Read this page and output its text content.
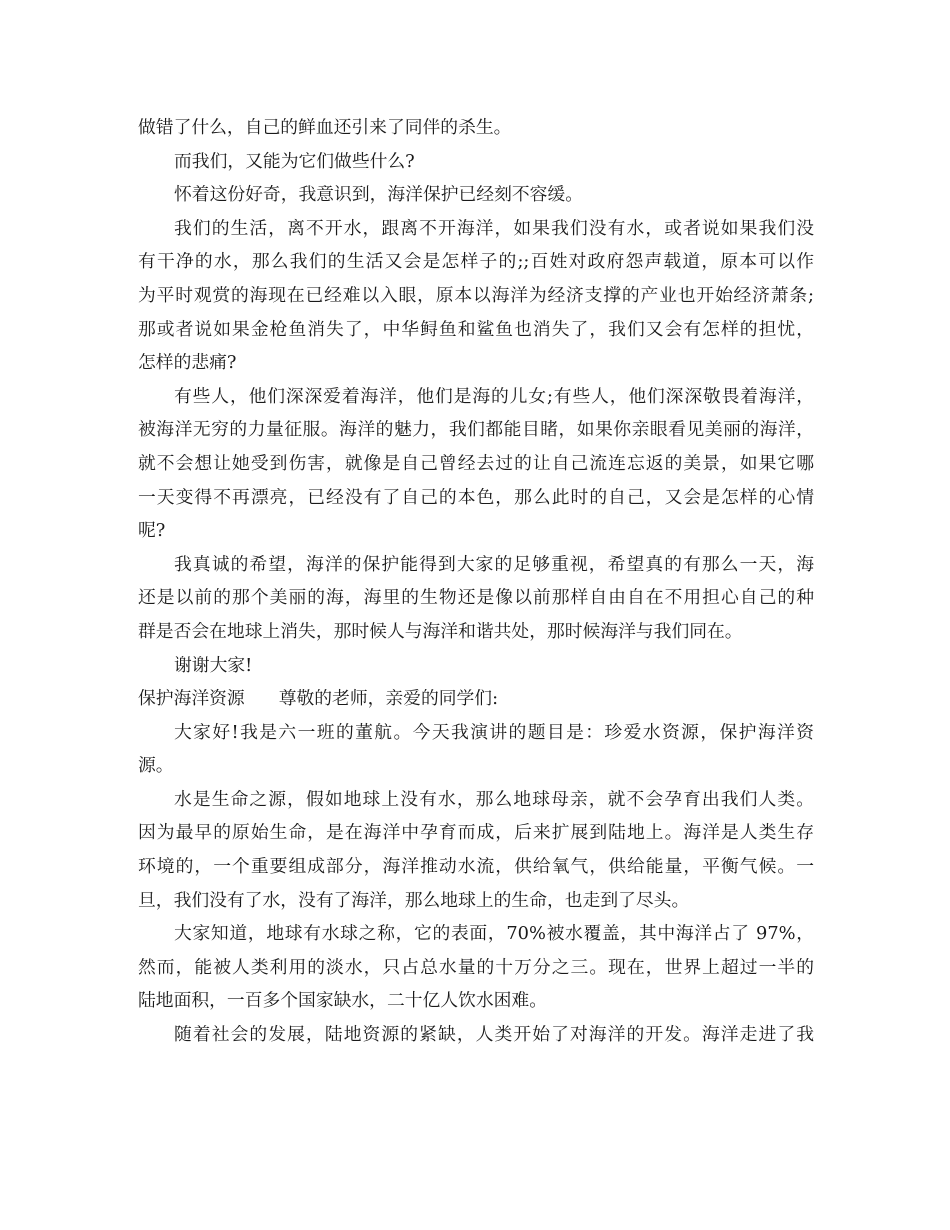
做错了什么，自己的鲜血还引来了同伴的杀生。
而我们，又能为它们做些什么?
怀着这份好奇，我意识到，海洋保护已经刻不容缓。
我们的生活，离不开水，跟离不开海洋，如果我们没有水，或者说如果我们没
有干净的水，那么我们的生活又会是怎样子的;;百姓对政府怨声载道，原本可以作
为平时观赏的海现在已经难以入眼，原本以海洋为经济支撑的产业也开始经济萧条;
那或者说如果金枪鱼消失了，中华鲟鱼和鲨鱼也消失了，我们又会有怎样的担忧，
怎样的悲痛?
有些人，他们深深爱着海洋，他们是海的儿女;有些人，他们深深敬畏着海洋，
被海洋无穷的力量征服。海洋的魅力，我们都能目睹，如果你亲眼看见美丽的海洋，
就不会想让她受到伤害，就像是自己曾经去过的让自己流连忘返的美景，如果它哪
一天变得不再漂亮，已经没有了自己的本色，那么此时的自己，又会是怎样的心情
呢?
我真诚的希望，海洋的保护能得到大家的足够重视，希望真的有那么一天，海
还是以前的那个美丽的海，海里的生物还是像以前那样自由自在不用担心自己的种
群是否会在地球上消失，那时候人与海洋和谐共处，那时候海洋与我们同在。
谢谢大家!
保护海洋资源 尊敬的老师，亲爱的同学们:
大家好!我是六一班的董航。今天我演讲的题目是：珍爱水资源，保护海洋资
源。
水是生命之源，假如地球上没有水，那么地球母亲，就不会孕育出我们人类。
因为最早的原始生命，是在海洋中孕育而成，后来扩展到陆地上。海洋是人类生存
环境的，一个重要组成部分，海洋推动水流，供给氧气，供给能量，平衡气候。一
旦，我们没有了水，没有了海洋，那么地球上的生命，也走到了尽头。
大家知道，地球有水球之称，它的表面，70%被水覆盖，其中海洋占了 97%，
然而，能被人类利用的淡水，只占总水量的十万分之三。现在，世界上超过一半的
陆地面积，一百多个国家缺水，二十亿人饮水困难。
随着社会的发展，陆地资源的紧缺，人类开始了对海洋的开发。海洋走进了我
